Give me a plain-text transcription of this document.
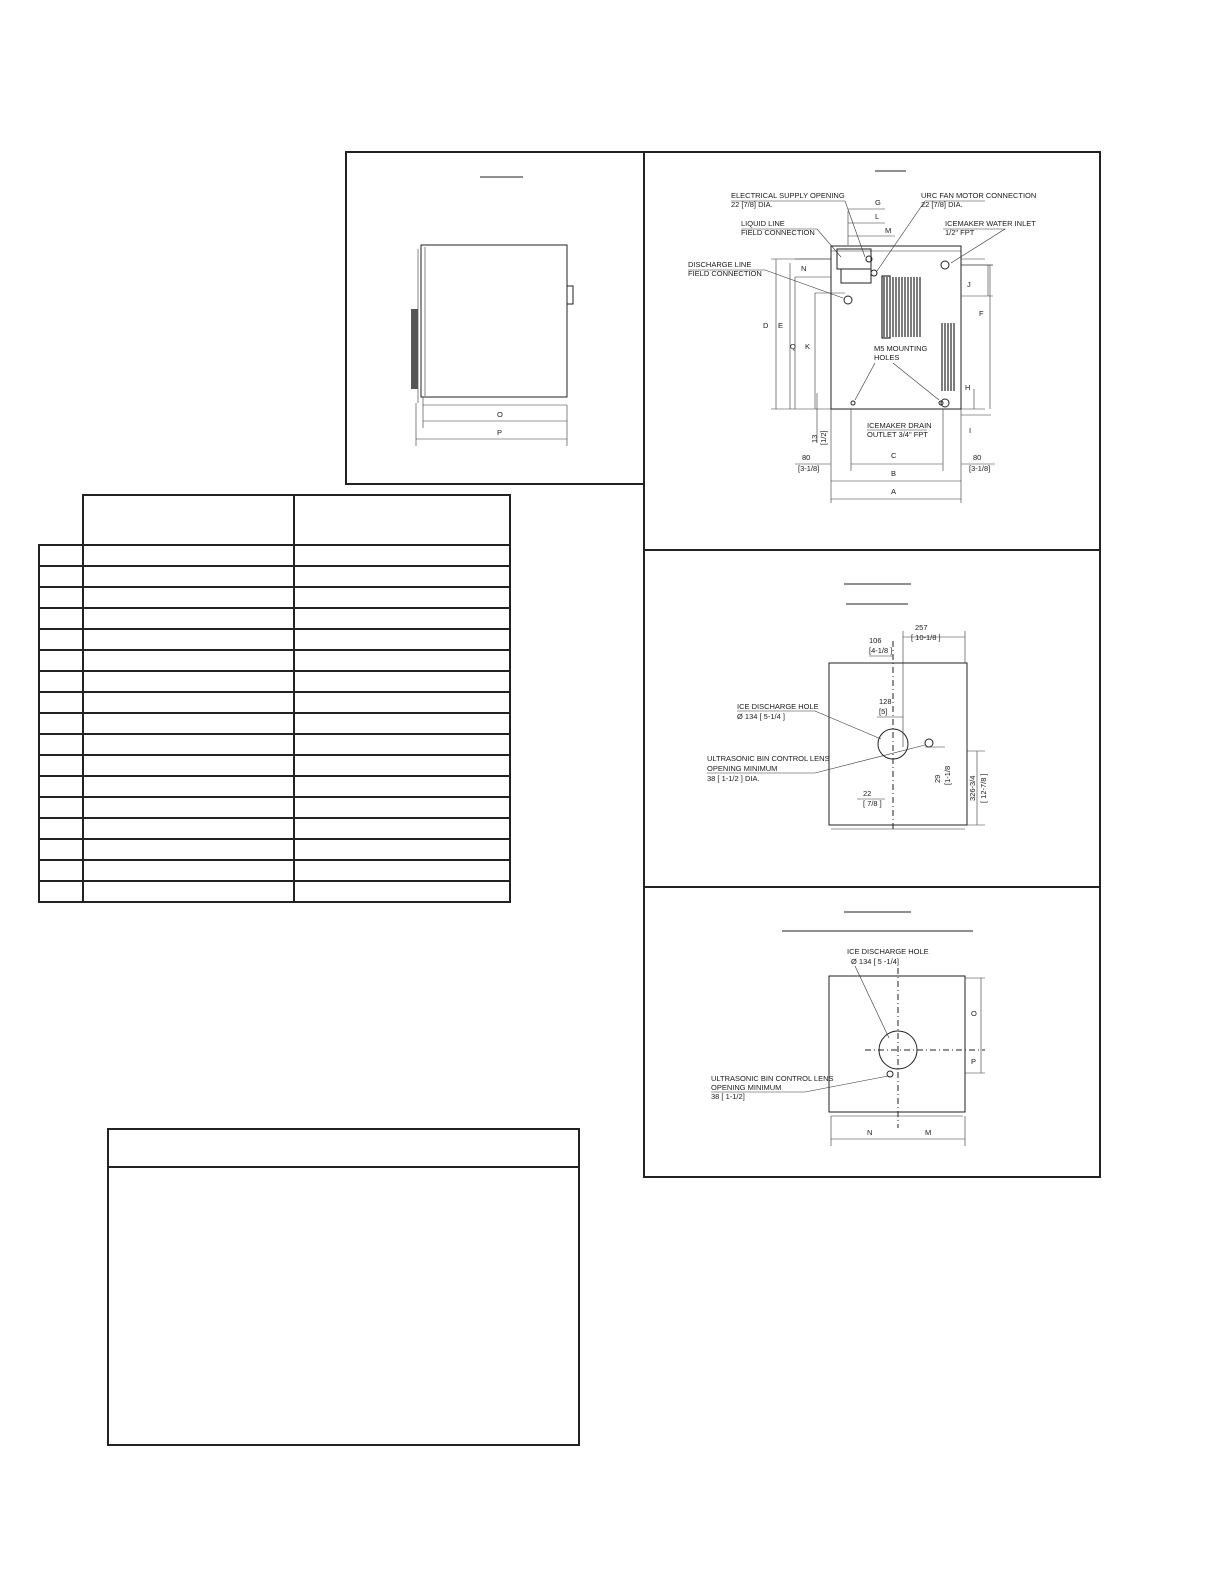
O
P
G
L
M
N
J
F
H
I
D E
Q K
13 [1/2]
C
B
A
80
[3-1/8]
80
[3-1/8]
ELECTRICAL SUPPLY OPENING
22 [7/8] DIA.
URC FAN MOTOR CONNECTION
22 [7/8] DIA.
LIQUID LINE
FIELD CONNECTION
ICEMAKER WATER INLET
1/2" FPT
DISCHARGE LINE
FIELD CONNECTION
M5 MOUNTING
HOLES
ICEMAKER DRAIN
OUTLET 3/4" FPT
257
[ 10-1/8 ]
106
[4-1/8 ]
128
[5]
22
[ 7/8 ]
29 [1-1/8
326-3/4 [ 12-7/8 ]
ICE DISCHARGE HOLE
Ø 134 [ 5-1/4 ]
ULTRASONIC BIN CONTROL LENS
OPENING MINIMUM
38 [ 1-1/2 ] DIA.
O
P
N	M
ICE DISCHARGE HOLE
Ø 134 [ 5 -1/4]
ULTRASONIC BIN CONTROL LENS
OPENING MINIMUM
38 [ 1-1/2]
